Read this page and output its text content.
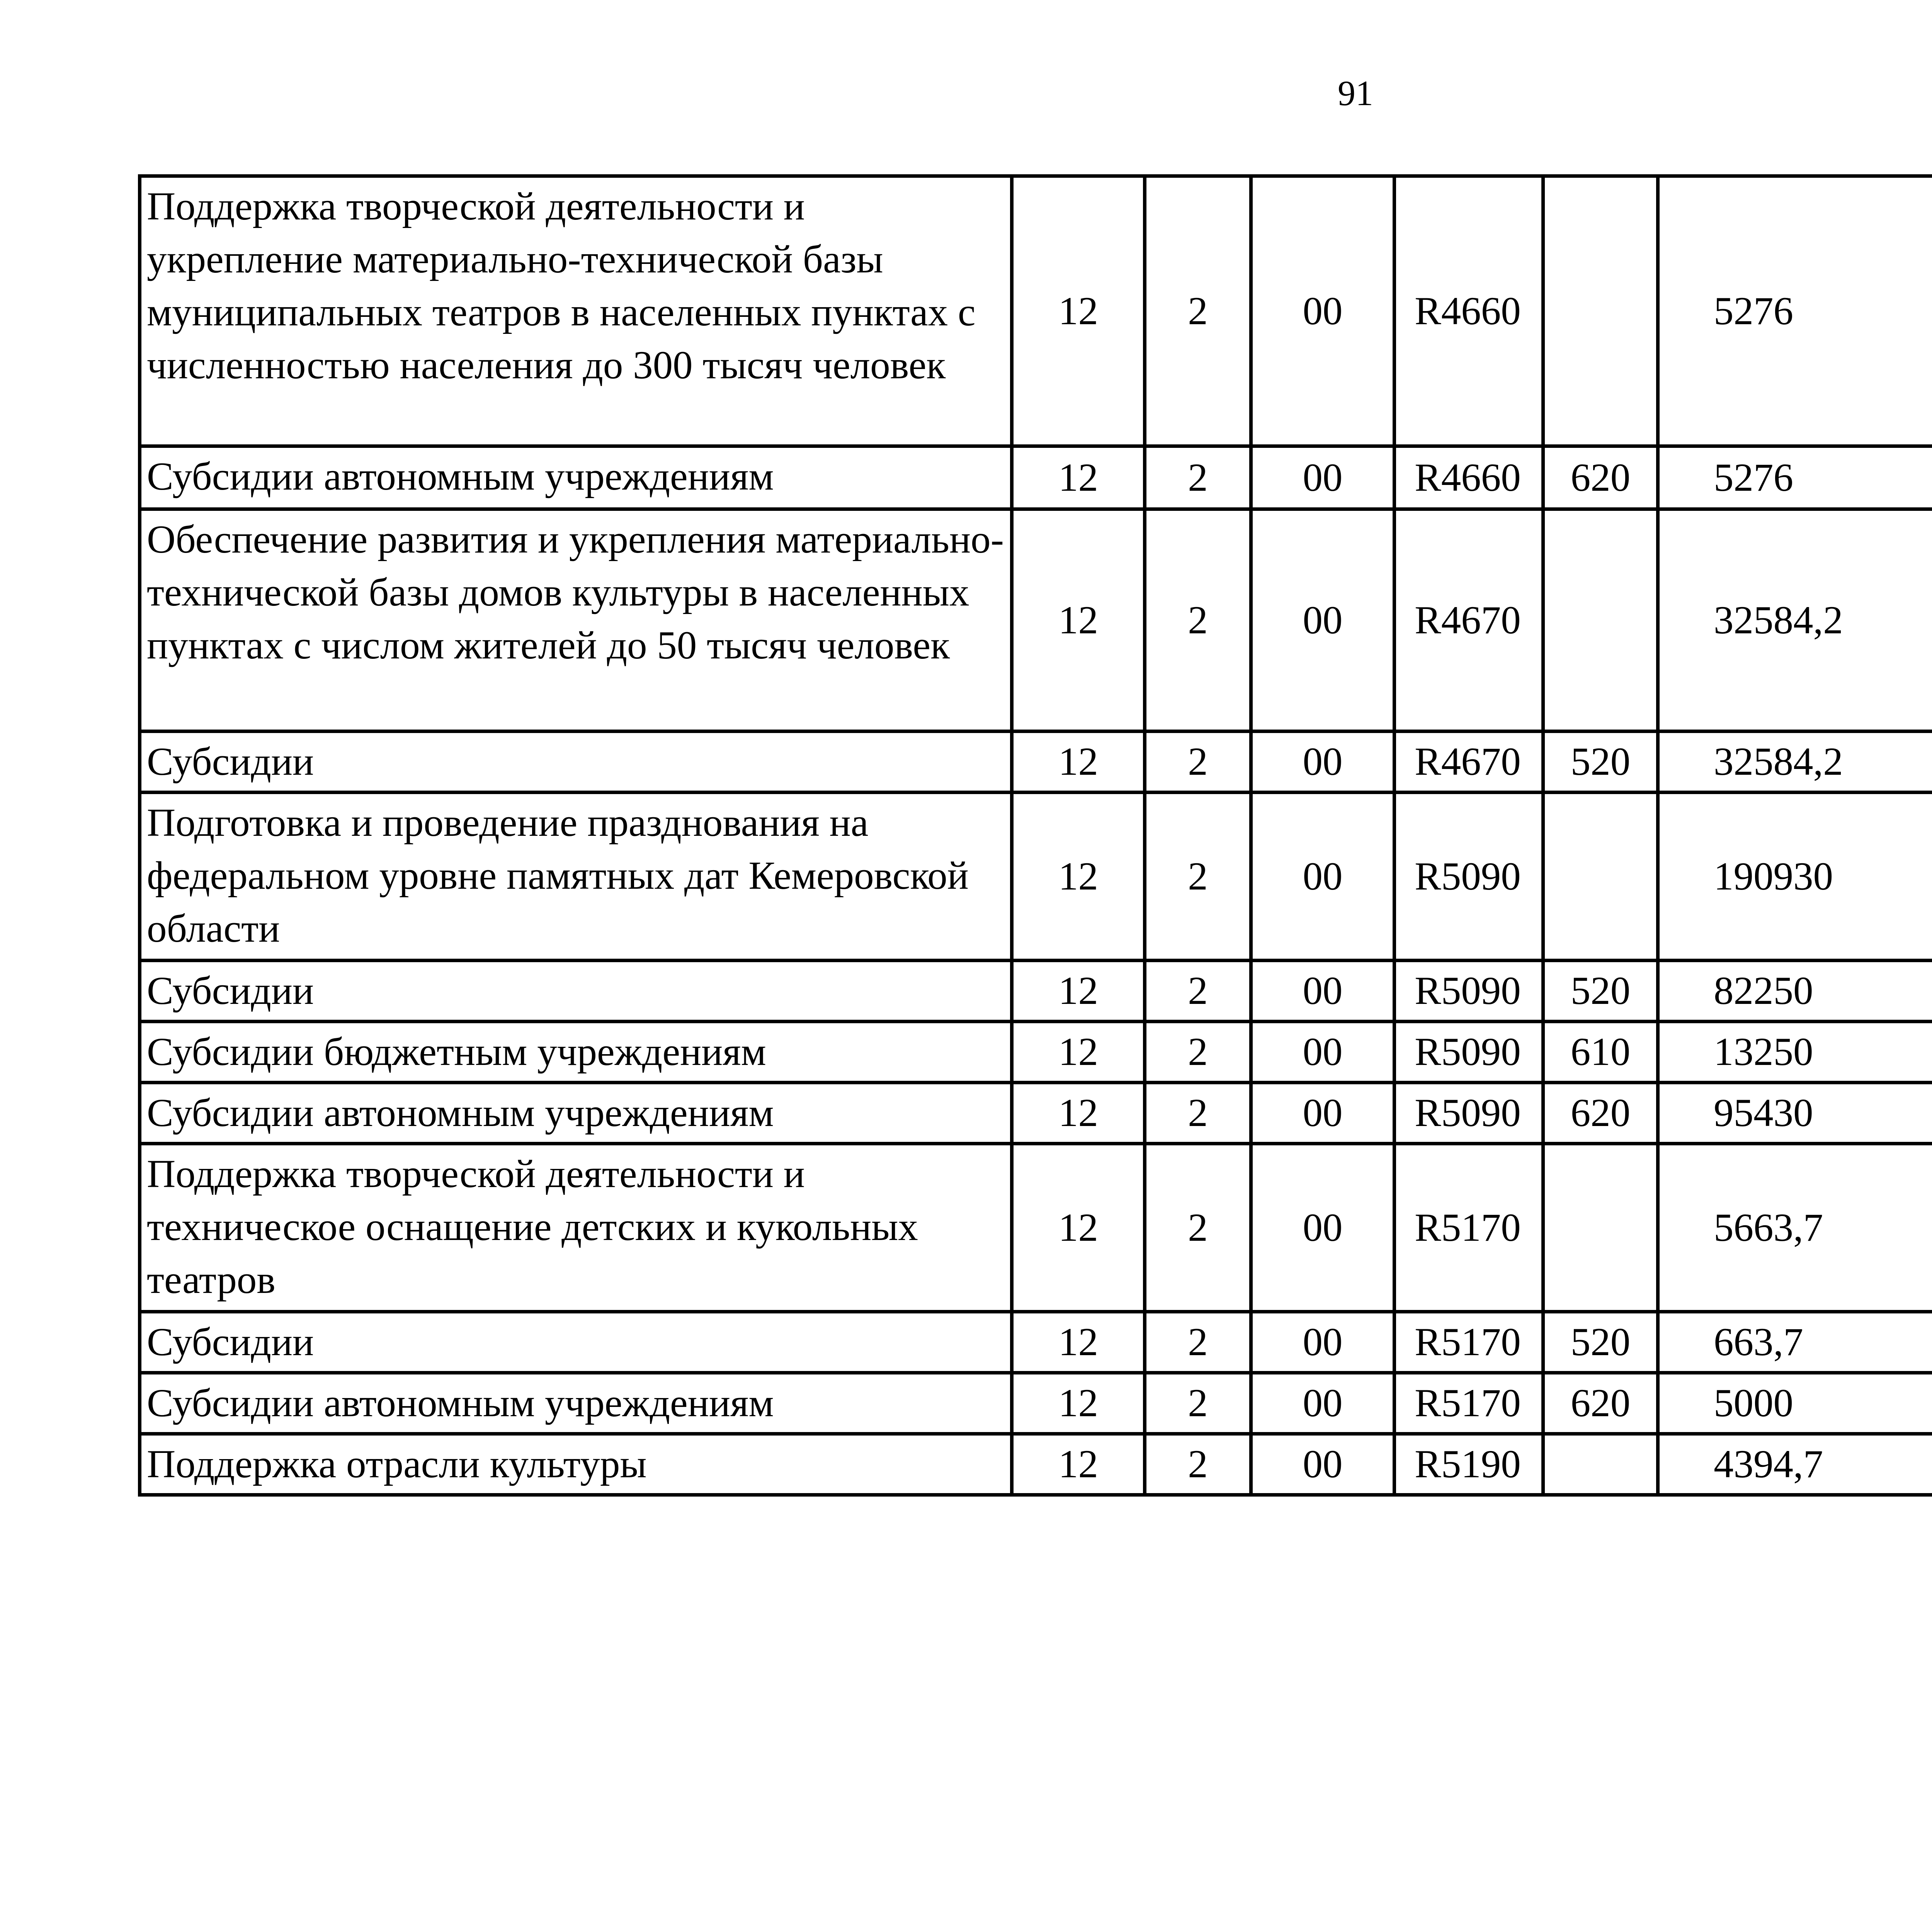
91
Поддержка творческой деятельности и укрепление материально-технической базы муниципальных театров в населенных пунктах с численностью населения до 300 тысяч человек	12	2	00	R4660		5276		
Субсидии автономным учреждениям	12	2	00	R4660	620	5276		
Обеспечение развития и укрепления материально-технической базы домов культуры в населенных пунктах с числом жителей до 50 тысяч человек	12	2	00	R4670		32584,2		
Субсидии	12	2	00	R4670	520	32584,2		
Подготовка и проведение празднования на федеральном уровне памятных дат Кемеровской области	12	2	00	R5090		190930		
Субсидии	12	2	00	R5090	520	82250		
Субсидии бюджетным учреждениям	12	2	00	R5090	610	13250		
Субсидии автономным учреждениям	12	2	00	R5090	620	95430		
Поддержка творческой деятельности и техническое оснащение детских и кукольных театров	12	2	00	R5170		5663,7		
Субсидии	12	2	00	R5170	520	663,7		
Субсидии автономным учреждениям	12	2	00	R5170	620	5000		
Поддержка отрасли культуры	12	2	00	R5190		4394,7		
